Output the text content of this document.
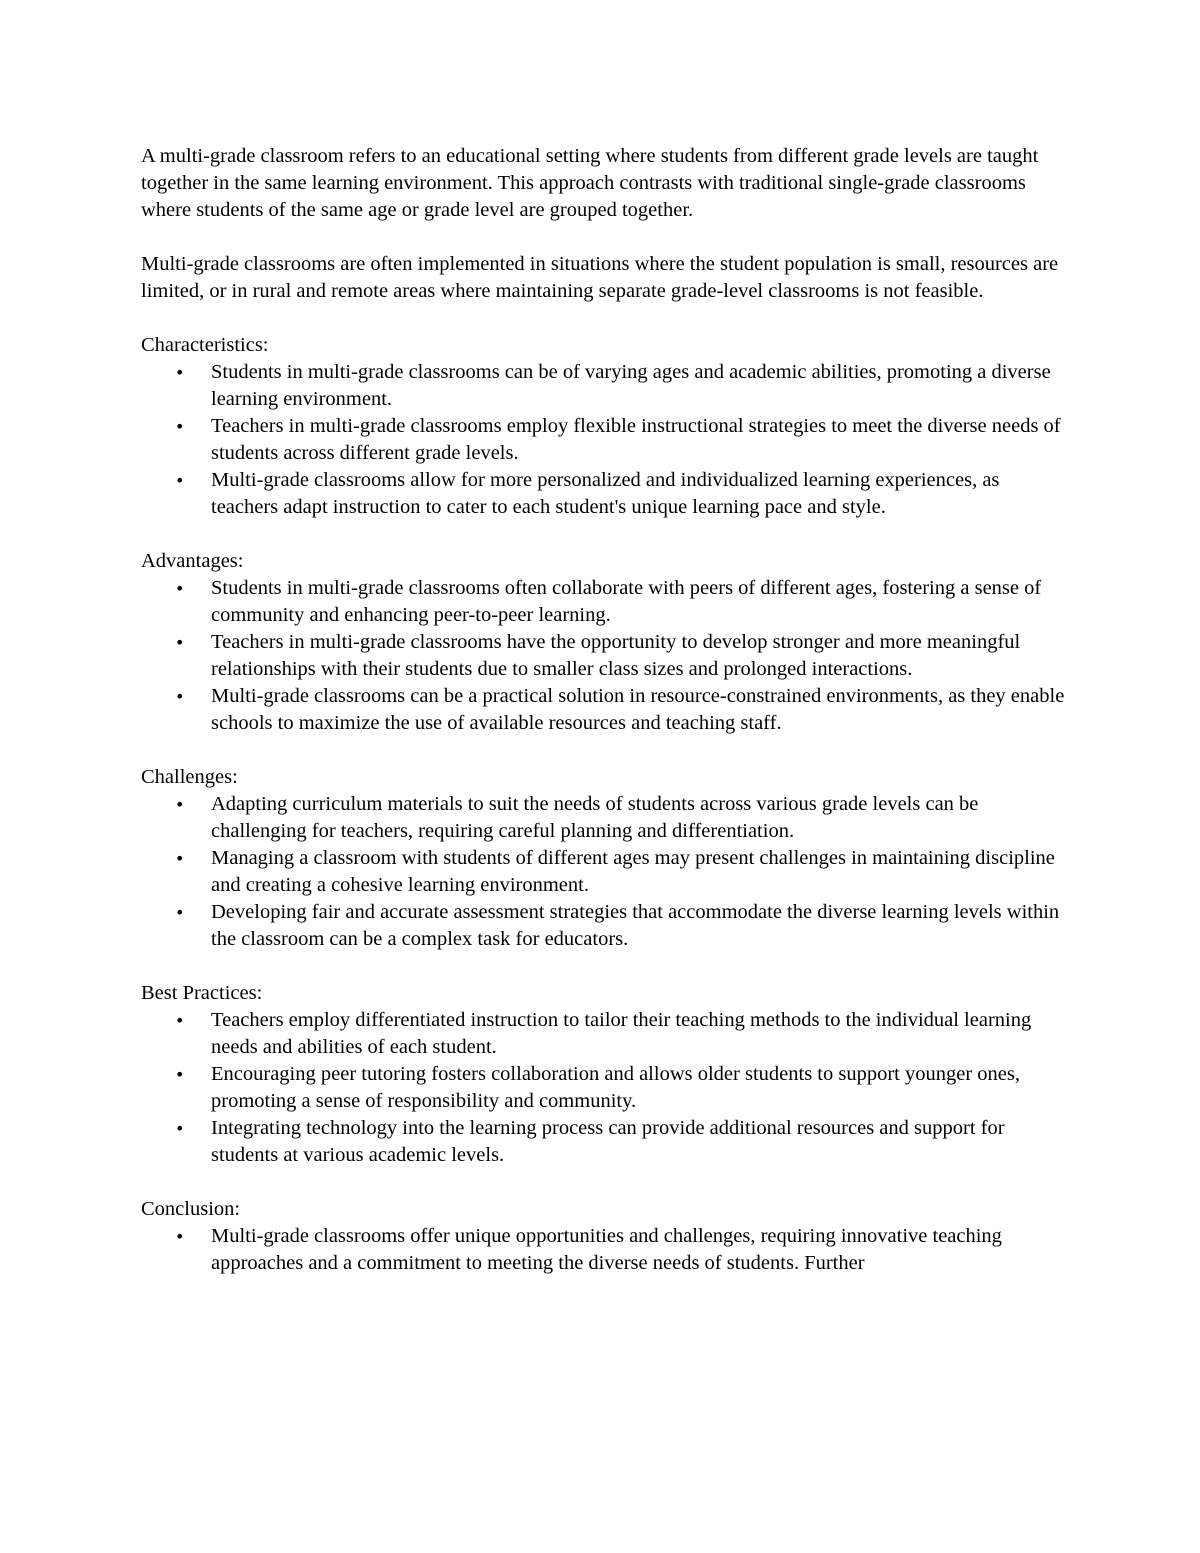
A multi-grade classroom refers to an educational setting where students from different grade levels are taught together in the same learning environment. This approach contrasts with traditional single-grade classrooms where students of the same age or grade level are grouped together.

Multi-grade classrooms are often implemented in situations where the student population is small, resources are limited, or in rural and remote areas where maintaining separate grade-level classrooms is not feasible.

Characteristics:

•	Students in multi-grade classrooms can be of varying ages and academic abilities, promoting a diverse learning environment.
•	Teachers in multi-grade classrooms employ flexible instructional strategies to meet the diverse needs of students across different grade levels.
•	Multi-grade classrooms allow for more personalized and individualized learning experiences, as teachers adapt instruction to cater to each student's unique learning pace and style.

Advantages:

•	Students in multi-grade classrooms often collaborate with peers of different ages, fostering a sense of community and enhancing peer-to-peer learning.
•	Teachers in multi-grade classrooms have the opportunity to develop stronger and more meaningful relationships with their students due to smaller class sizes and prolonged interactions.
•	Multi-grade classrooms can be a practical solution in resource-constrained environments, as they enable schools to maximize the use of available resources and teaching staff.

Challenges:

•	Adapting curriculum materials to suit the needs of students across various grade levels can be challenging for teachers, requiring careful planning and differentiation.
•	Managing a classroom with students of different ages may present challenges in maintaining discipline and creating a cohesive learning environment.
•	Developing fair and accurate assessment strategies that accommodate the diverse learning levels within the classroom can be a complex task for educators.

Best Practices:

•	Teachers employ differentiated instruction to tailor their teaching methods to the individual learning needs and abilities of each student.
•	Encouraging peer tutoring fosters collaboration and allows older students to support younger ones, promoting a sense of responsibility and community.
•	Integrating technology into the learning process can provide additional resources and support for students at various academic levels.

Conclusion:

•	Multi-grade classrooms offer unique opportunities and challenges, requiring innovative teaching approaches and a commitment to meeting the diverse needs of students. Further
